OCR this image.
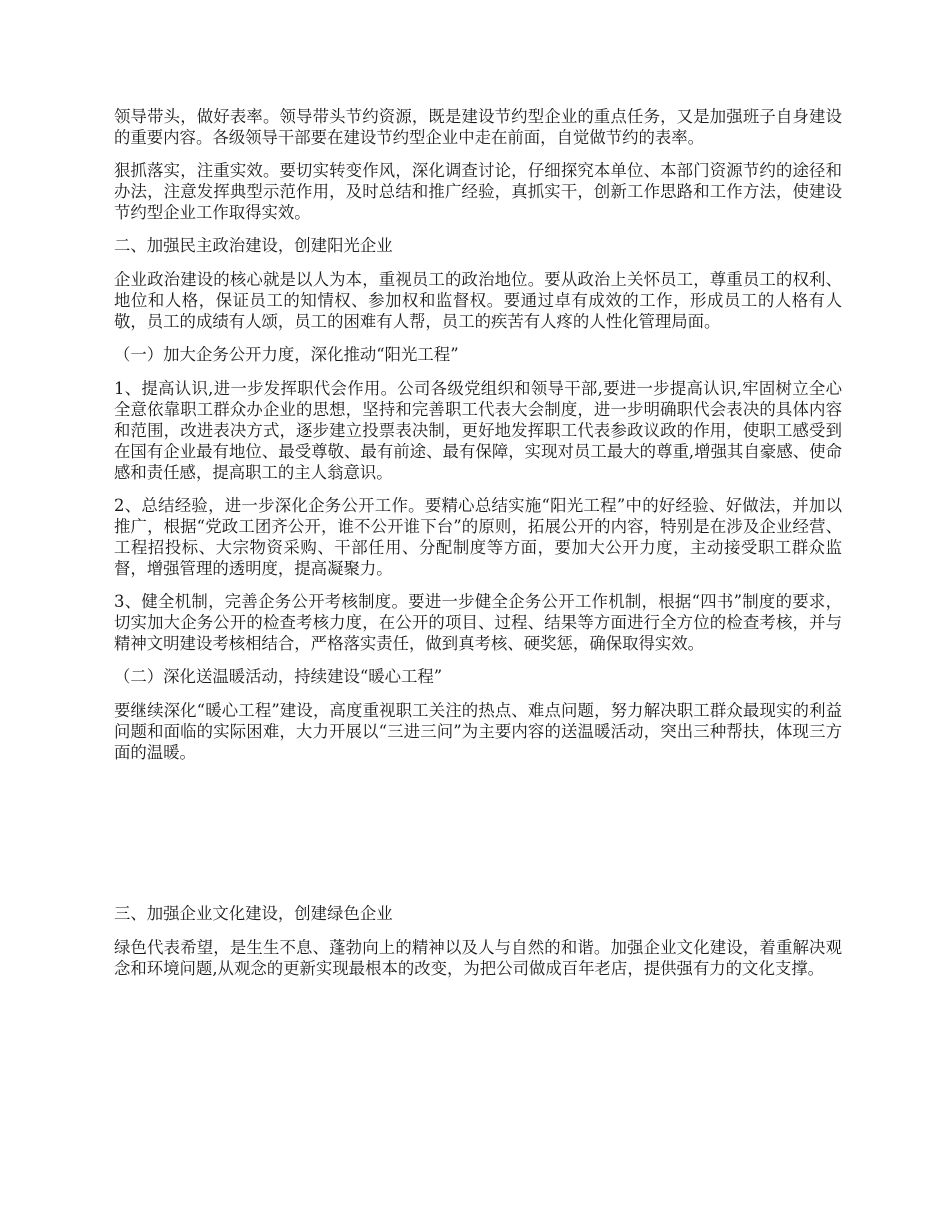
领导带头，做好表率。领导带头节约资源，既是建设节约型企业的重点任务，又是加强班子自身建设的重要内容。各级领导干部要在建设节约型企业中走在前面，自觉做节约的表率。

狠抓落实，注重实效。要切实转变作风，深化调查讨论，仔细探究本单位、本部门资源节约的途径和办法，注意发挥典型示范作用，及时总结和推广经验，真抓实干，创新工作思路和工作方法，使建设节约型企业工作取得实效。

二、加强民主政治建设，创建阳光企业

企业政治建设的核心就是以人为本，重视员工的政治地位。要从政治上关怀员工，尊重员工的权利、地位和人格，保证员工的知情权、参加权和监督权。要通过卓有成效的工作，形成员工的人格有人敬，员工的成绩有人颂，员工的困难有人帮，员工的疾苦有人疼的人性化管理局面。

（一）加大企务公开力度，深化推动“阳光工程”

1、提高认识,进一步发挥职代会作用。公司各级党组织和领导干部,要进一步提高认识,牢固树立全心全意依靠职工群众办企业的思想，坚持和完善职工代表大会制度，进一步明确职代会表决的具体内容和范围，改进表决方式，逐步建立投票表决制，更好地发挥职工代表参政议政的作用，使职工感受到在国有企业最有地位、最受尊敬、最有前途、最有保障，实现对员工最大的尊重,增强其自豪感、使命感和责任感，提高职工的主人翁意识。

2、总结经验，进一步深化企务公开工作。要精心总结实施“阳光工程”中的好经验、好做法，并加以推广，根据“党政工团齐公开，谁不公开谁下台”的原则，拓展公开的内容，特别是在涉及企业经营、工程招投标、大宗物资采购、干部任用、分配制度等方面，要加大公开力度，主动接受职工群众监督，增强管理的透明度，提高凝聚力。

3、健全机制，完善企务公开考核制度。要进一步健全企务公开工作机制，根据“四书”制度的要求，切实加大企务公开的检查考核力度，在公开的项目、过程、结果等方面进行全方位的检查考核，并与精神文明建设考核相结合，严格落实责任，做到真考核、硬奖惩，确保取得实效。

（二）深化送温暖活动，持续建设“暖心工程”

要继续深化“暖心工程”建设，高度重视职工关注的热点、难点问题，努力解决职工群众最现实的利益问题和面临的实际困难，大力开展以“三进三问”为主要内容的送温暖活动，突出三种帮扶，体现三方面的温暖。

三、加强企业文化建设，创建绿色企业

绿色代表希望，是生生不息、蓬勃向上的精神以及人与自然的和谐。加强企业文化建设，着重解决观念和环境问题,从观念的更新实现最根本的改变，为把公司做成百年老店，提供强有力的文化支撑。
